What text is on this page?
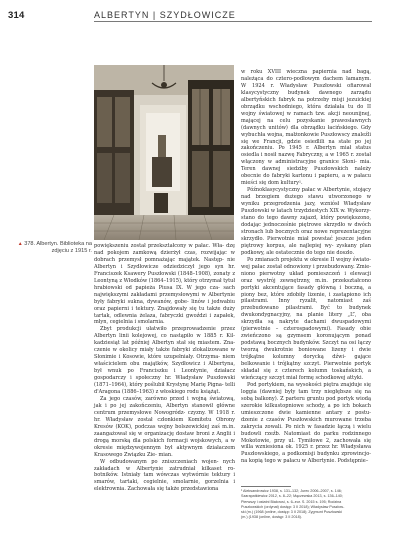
314	ALBERTYN | SZYDŁOWICZE
▲ 378. Albertyn. Biblioteka na zdjęciu z 1915 r.

powiększeniu został przekształcony w pałac. Wła- dzę nad pokojem zamkową dzierżył czas, rozwijając w dobrach przemysł pomnażając majątek. Następ- nie Albertyn i Szydłowicze odziedziczył jego syn hr. Franciszek Ksawery Puszłowski (1848–1908), zonaty z Leontyną z Włodków (1864–1915), który otrzymał tytuł hrabiowski od papieża Piusa IX. W jego cza- sach największymi zakładami przemysłowymi w Albertynie były fabryki sukna, dywanów, gobe- linów i jedwabiu oraz papierni i tektury. Znajdowały się tu także duży tartak, odlewnia żelaza, fabryczki gwoździ i zapałek, młyn, cegielnia i smolarnia.

Zbyt produkcji ułatwiło przeprowadzenie przez Albertyn linii kolejowej, co nastąpiło w 1885 r. Kil- kadziesiąt lat później Albertyn stał się miastem. Zna- czenie w okolicy miały także fabryki zlokalizowane w Słonimie i Kosowie, które uzupełniały. Otrzyma- niem właścicielem obu majątków, Szydłowicz i Albertyna, był wnuk po Franciszku i Leontynie, działacz gospodarczy i społeczny hr. Władysław Puszłowski (1871–1964), który poślubił Krystynę Marię Pigna- telli d'Aragona (1886–1963) z włoskiego rodu książąt.

Za jego czasów, zarówno przed i wojną światową, jak i po jej zakończeniu, Albertyn stanowił główne centrum przemysłowe Nowogródz- czyzny. W 1918 r. hr. Władysław został członkiem Komitetu Obrony Kresów (KOK), podczas wojny bolszewickiej zaś m.in. zaangażował się w organizację dostaw broni z Anglii i drogą morską dla polskich formacji wojskowych, a w okresie międzywojennym był aktywnym działaczem Krasowego Związku Zie- mian.

W odbudowanym po zniszczeniach wojen- nych zakładach w Albertynie zatrudniał kilkaset ro- botników. Istniały tam wówczas wytwórnie tektury i smarów, tartaki, cegielnie, smolarnie, gorzelnia i elektrownia. Zachowała się także przedstawiona

w roku XVIII wieczna papiernia nad bagą, należąca do cztero-podłowym dachem łamanym. W 1924 r. Władysław Puszłowski ofiarował klasycystyczny budynek dawnego zarządu albertyńskich fabryk na potrzeby misji jezuickiej obrządku wschodniego, która działała tu do II wojny światowej w ramach tzw. akcji neounijnej, mającej na celu pozyskanie prawosławnych (dawnych unitów) dla obrządku łacińskiego. Gdy wybuchła wojna, małżonkowie Puszłowscy znaleźli się we Francji, gdzie osiedlili na stałe po jej zakończeniu. Po 1945 r. Albertyn miał status osiedla i nosił nazwę Fabryczny, a w 1965 r. został włączony w administracyjne granice Słoni- mia. Teren dawnej siedziby Puszłowskich należy obecnie do fabryki kartonu i papieru, a w pałacu mieści się dom kultury¹.

Późnoklasycystyczny pałac w Albertynie, stojący nad brzegiem dużego stawu utworzonego w wyniku przegrodzenia jazy, wzniósł Władysław Puszłowski w latach trzydziestych XIX w. Wykorzy- stano do tego dawny zajazd, który powiększono, dodając jednocześnie piętrowe skrzydło w dwóch stronach lub bocznych oraz nowe reprezentacyjne skrzydło. Pierwotnie miał powstać jeszcze jeden piętrowy korpus, ale najlepiej wy- zyskany plan podkowy, ale ostatecznie do tego nie doszło.

Po zmianach projektu w okresie II wojny świato- wej pałac został odnowiony i przebudowany. Zmie- niono pierwotny układ pomieszczeń i elewacji oraz wystrój zewnętrzny, m.in. przekształcono portyki akcentujące fasady główną i boczną, a piony bez, które zdobiły lizenie, i zastąpiono ich pilastrami. Inny ryzalit, natomiast zaś przebudowano pilastrami. Być to budynek dwukondygnacyjny, na planie litery „L”, oba skrzydła są nakryte dachami dwuspadowymi (pierwotnie – czterospadowymi). Fasady obie zwieńczono są gzymsem koronującym ponad podstawą bocznych budynków. Szczyt na osi łączy tworzą dwukrotnie boniowane lizeny i dwie trójkątne kolumny dorycką dźwi- gające belkowanie i trójkątny szczyt. Pierwotnie portyk składał się z czterech kolumn toskańskich, a wieńczący szczyt miał formę schodkowej attyki.

Pod portykiem, na wysokości piętra znajduje się loggia (dawniej były tam trzy niegłębsze się na sobą balkony). Z parteru gruntu pod portyk wiodą szerokie kilkustopniowe schody, a po ich bokach umieszczone dwie kamienne antary z postu- dzenie z czasów Puszłowskich murowane trzeba zakrycia zowali. Po nich w fasadzie łączą i wielu budowli rzeźb. Natomiast do parku rodzinnego Mokotowie, przy ul. Tymiłowe 2, zachowała się willa wzniesiona ok. 1925 r. przez hr. Władysława Puszłowskiego, a podkomisji budynku zprowincjo- na kopią tego w pałacu w Albertynie. Podstępnie–

¹ Aleksandrowicz 1938, s. 131–132; Jurec 2006–2007, s. 146;

Szarapatkiewicz 2012, s. 8–22; Mączewska 2013, s. 136–140;

Pierwszy i ostatni Białorusi, s. 6–eur. S. 2015 s. 195; Rodzina

Puszłowskich (ordynat) dostęp: 3 II 2018); Władysław Puszłow-

ski (m.) (1968 (online, dostęp: 3 II 2018); Zygmunt Puszłowski

(m.) (1938 (online, dostęp: 3 II 2018).
